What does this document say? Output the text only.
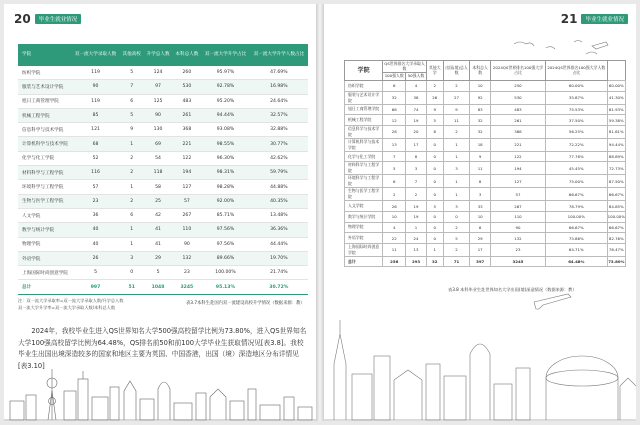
20	毕业生就业情况
学院	双一流大学录取人数	其他高校	升学总人数	本科总人数	双一流大学升学占比	双一流大学升学人数占比
纺织学院	119	5	124	260	95.97%	47.69%
服装与艺术设计学院	90	7	97	530	92.78%	16.98%
旭日工商管理学院	119	6	125	483	95.20%	24.64%
机械工程学院	85	5	90	261	94.44%	32.57%
信息科学与技术学院	121	9	130	368	93.08%	32.88%
计算机科学与技术学院	68	1	69	221	98.55%	30.77%
化学与化工学院	52	2	54	122	96.30%	42.62%
材料科学与工程学院	116	2	118	194	98.31%	59.79%
环境科学与工程学院	57	1	58	127	98.28%	44.88%
生物与医学工程学院	23	2	25	57	92.00%	40.35%
人文学院	36	6	42	267	85.71%	13.48%
数学与统计学院	40	1	41	110	97.56%	36.36%
物理学院	40	1	41	90	97.56%	44.44%
外语学院	26	3	29	132	89.66%	19.70%
上海国际时尚创意学院	5	0	5	23	100.00%	21.74%
总计	997	51	1048	3245	95.13%	30.72%
注：双一流大学录取率=双一流大学录取人数/升学总人数
双一流大学升学率=双一流大学录取人数/本科总人数
表3.7本科生赴国内双一流建设高校升学情况（数据来源：教）

2024年，我校毕业生进入QS世界知名大学500强高校留学比例为73.80%，进入QS世界知名大学100强高校留学比例为64.48%，QS排名前50和前100大学毕业生获取情况见[表3.8]。我校毕业生出国出境深造较多的国家和地区主要为英国、中国香港，出国（境）深造地区分布详情见[表3.10]

21	毕业生就业情况
学院	QS世界排名大学录取人数		其他大学	出国(境)总人数	本科总人数	2024QS世界排名100强大学占比	2024QS世界排名100强大学人数占比	
	100强人数	50强人数						
纺织学院	6	4	2	2	10	250	60.00%	60.00%
服装与艺术设计学院	32	38	26	27	92	530	35.87%	41.30%
旭日工商管理学院	68	74	9	9	83	483	75.53%	81.93%
机械工程学院	12	19	5	11	32	261	37.50%	59.38%
信息科学与技术学院	28	20	8	2	32	368	56.25%	81.61%
计算机科学与技术学院	13	17	0	1	18	221	72.22%	94.44%
化学与化工学院	7	8	0	1	9	122	77.78%	88.89%
材料科学与工程学院	5	3	0	3	11	194	45.45%	72.73%
环境科学与工程学院	6	7	0	1	8	127	75.00%	87.50%
生物与医学工程学院	2	2	0	1	3	57	66.67%	66.67%
人文学院	26	19	5	3	33	267	78.79%	84.85%
数学与统计学院	10	19	0	0	10	110	100.00%	100.00%
物理学院	4	1	0	2	6	90	66.67%	66.67%
外语学院	22	24	0	5	29	132	75.86%	82.76%
上海国际时尚创意学院	11	13	1	2	17	23	64.71%	76.47%
总计	256	293	32	71	397	3245	64.48%	73.80%
表3.8 本科毕业生赴世界知名大学出国(境)深造情况（数据来源：教）
